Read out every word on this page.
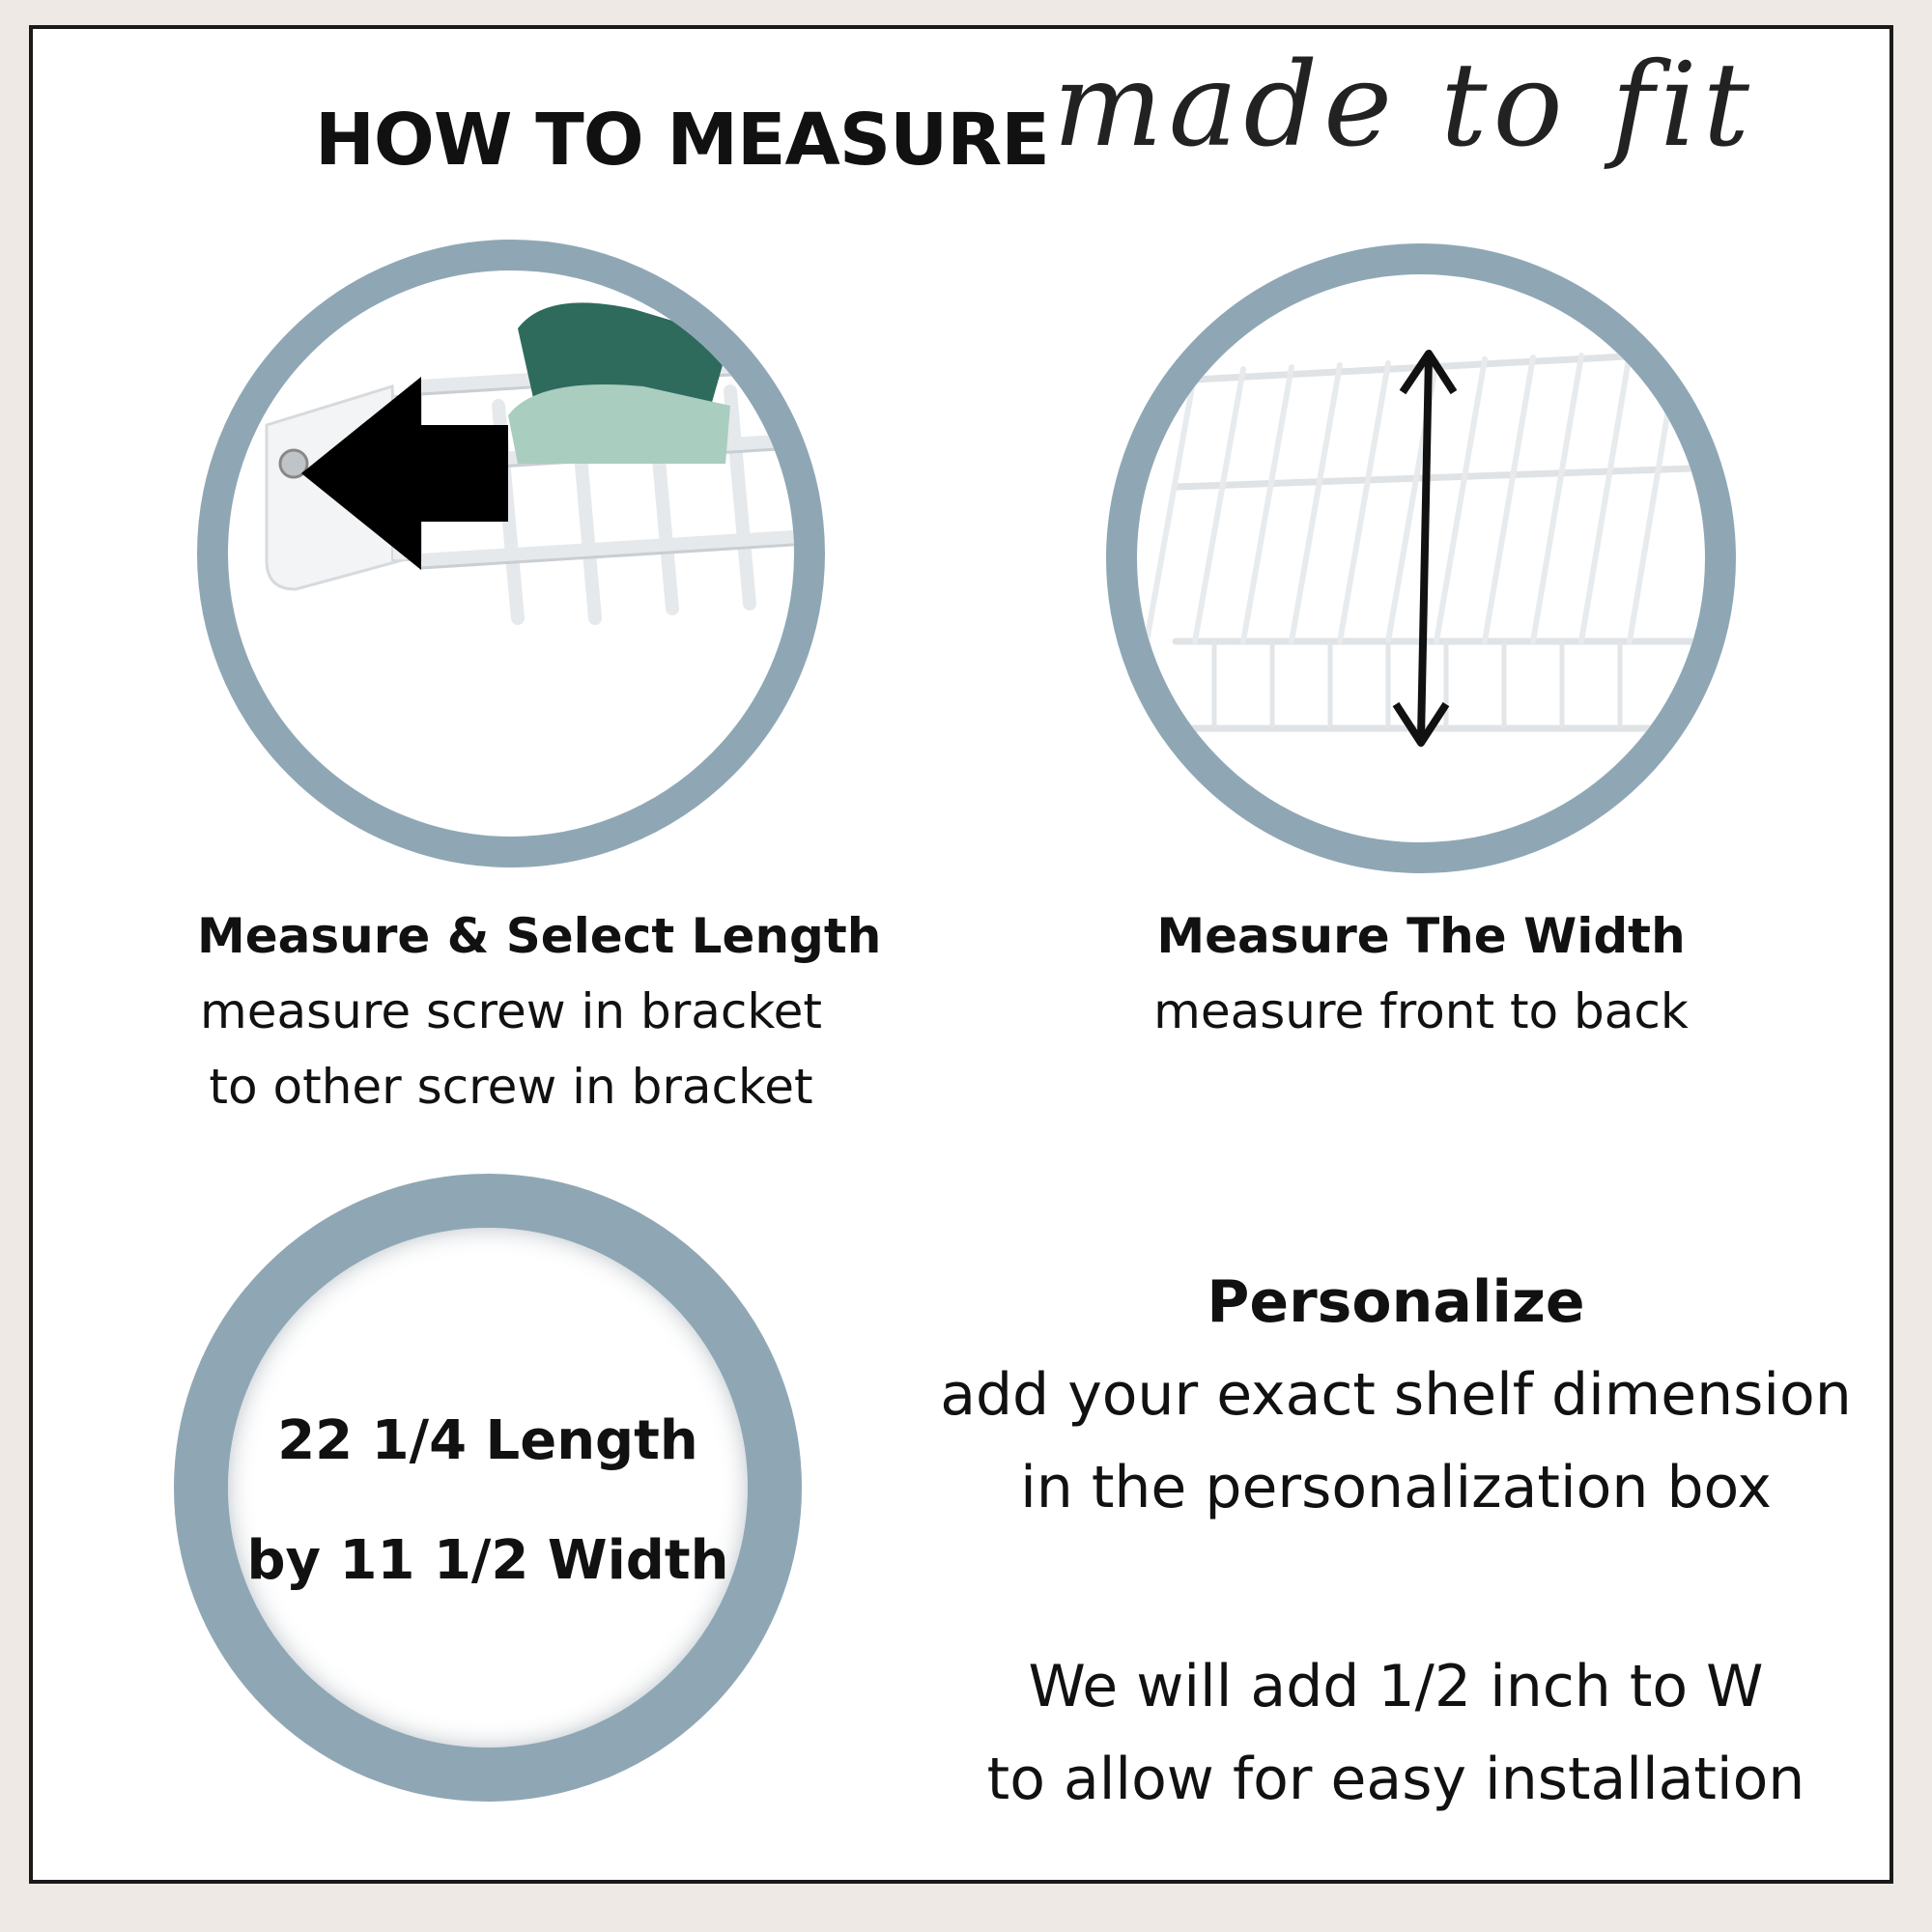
HOW TO MEASURE made to fit
Measure & Select Length
measure screw in bracket
to other screw in bracket
Measure The Width
measure front to back
22 1/4 Length
by 11 1/2 Width
Personalize
add your exact shelf dimension
in the personalization box
We will add 1/2 inch to W
to allow for easy installation
